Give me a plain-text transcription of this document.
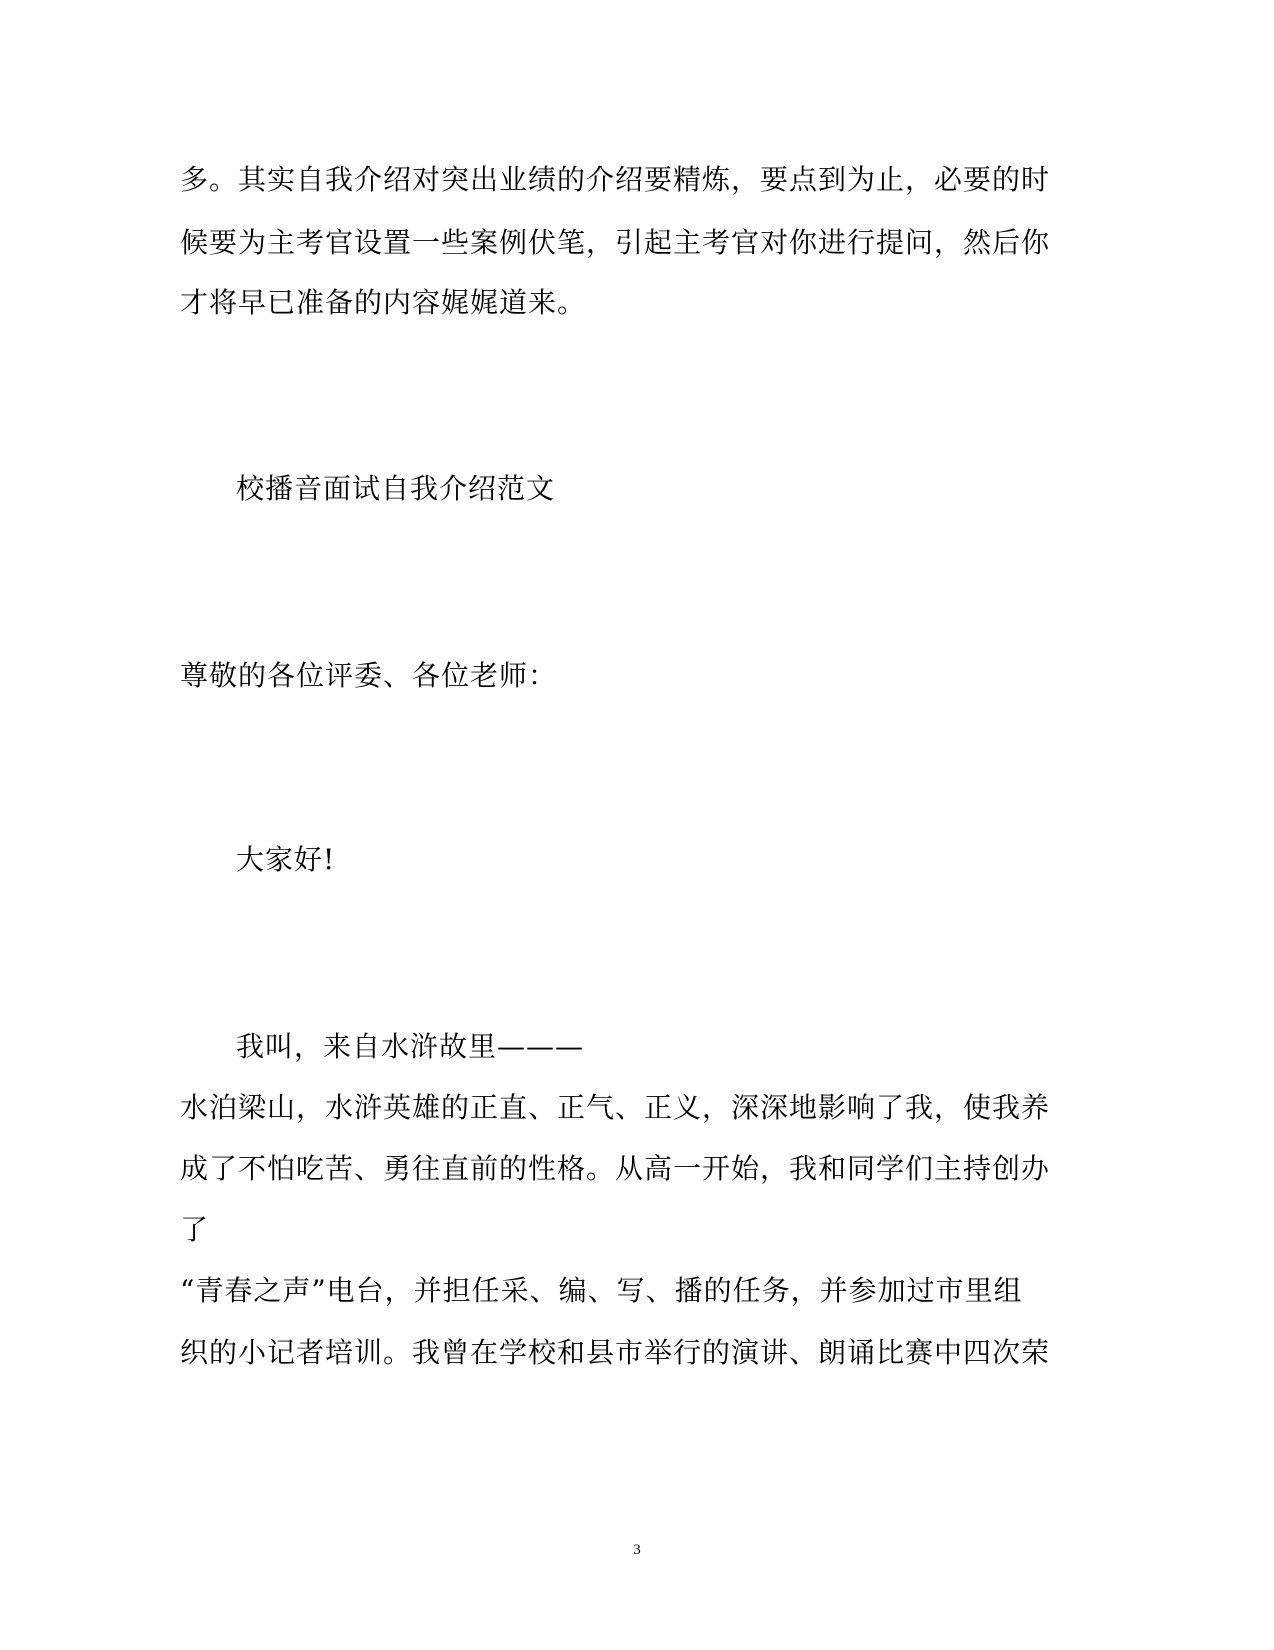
多。其实自我介绍对突出业绩的介绍要精炼，要点到为止，必要的时
候要为主考官设置一些案例伏笔，引起主考官对你进行提问，然后你
才将早已准备的内容娓娓道来。
校播音面试自我介绍范文
尊敬的各位评委、各位老师：
大家好!
我叫，来自水浒故里———
水泊梁山，水浒英雄的正直、正气、正义，深深地影响了我，使我养
成了不怕吃苦、勇往直前的性格。从高一开始，我和同学们主持创办
了
“青春之声”电台，并担任采、编、写、播的任务，并参加过市里组
织的小记者培训。我曾在学校和县市举行的演讲、朗诵比赛中四次荣
3
